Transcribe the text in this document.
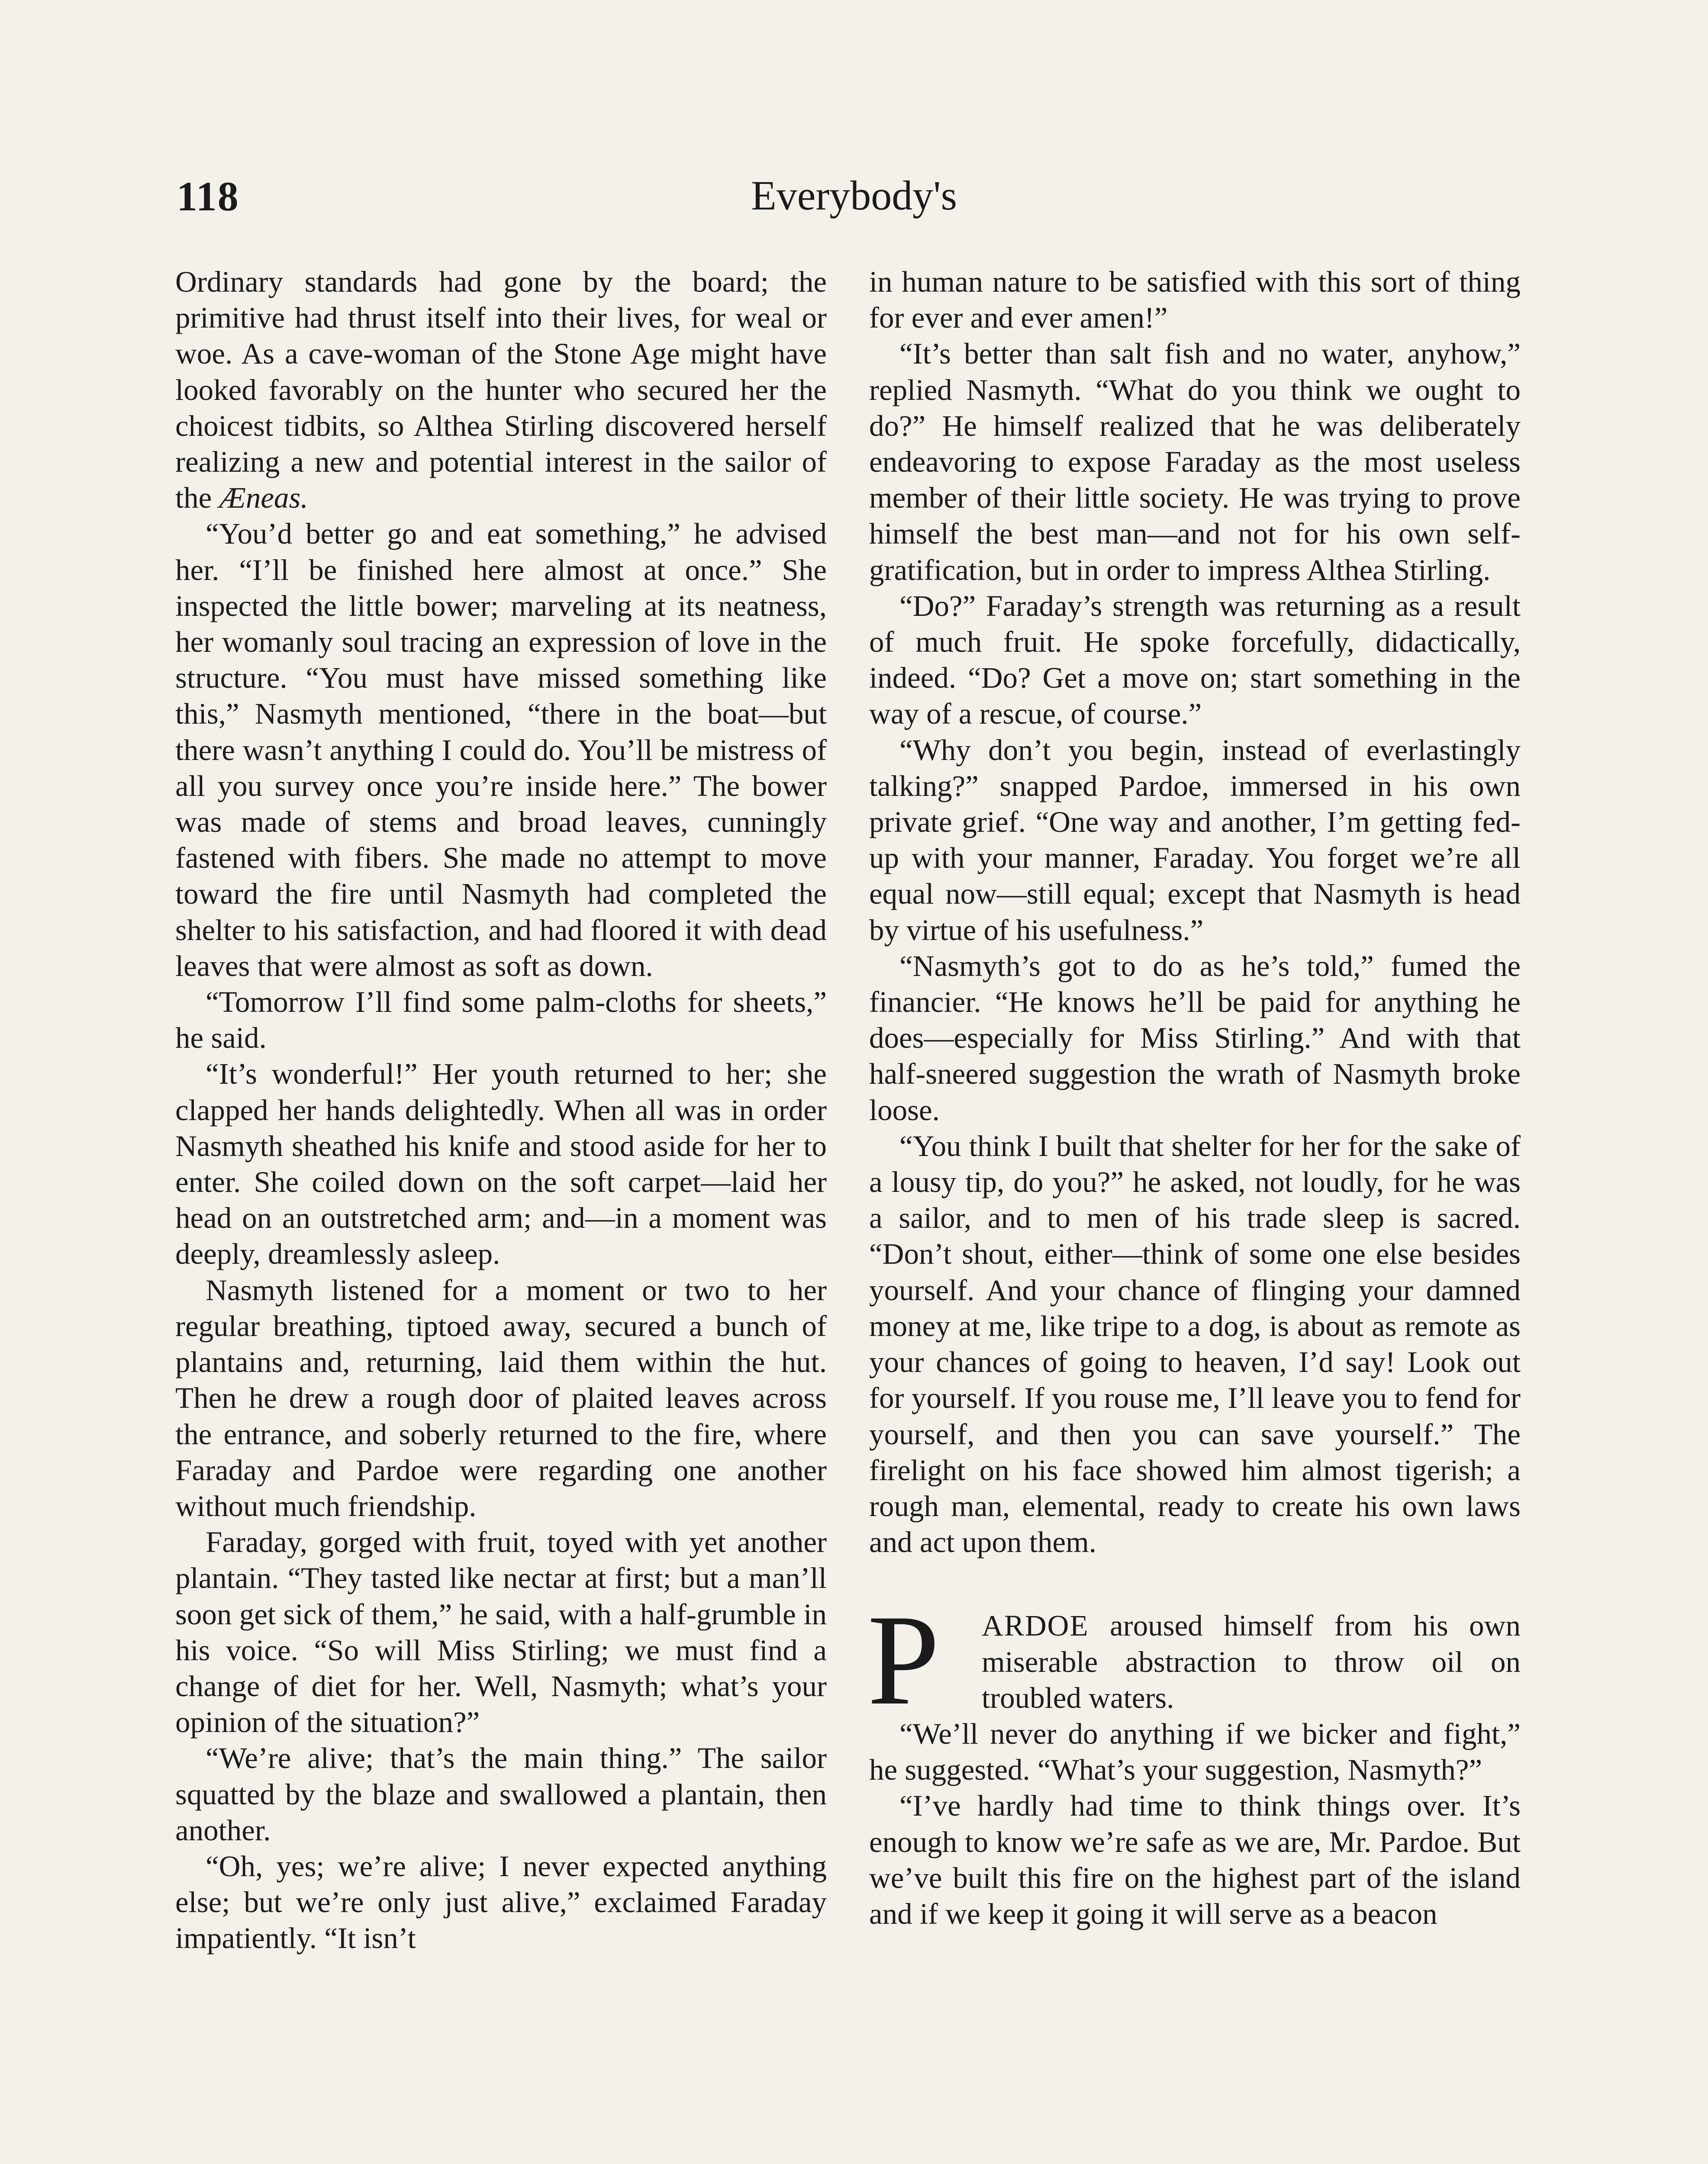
118	Everybody's

Ordinary standards had gone by the board; the primitive had thrust itself into their lives, for weal or woe. As a cave-woman of the Stone Age might have looked favorably on the hunter who secured her the choicest tidbits, so Althea Stirling discovered herself realizing a new and potential interest in the sailor of the Æneas.

“You’d better go and eat something,” he advised her. “I’ll be finished here almost at once.” She inspected the little bower; marveling at its neatness, her womanly soul tracing an expression of love in the structure. “You must have missed something like this,” Nasmyth mentioned, “there in the boat—but there wasn’t anything I could do. You’ll be mistress of all you survey once you’re inside here.” The bower was made of stems and broad leaves, cunningly fastened with fibers. She made no attempt to move toward the fire until Nasmyth had completed the shelter to his satisfaction, and had floored it with dead leaves that were almost as soft as down.

“Tomorrow I’ll find some palm-cloths for sheets,” he said.

“It’s wonderful!” Her youth returned to her; she clapped her hands delightedly. When all was in order Nasmyth sheathed his knife and stood aside for her to enter. She coiled down on the soft carpet—laid her head on an outstretched arm; and—in a moment was deeply, dreamlessly asleep.

Nasmyth listened for a moment or two to her regular breathing, tiptoed away, secured a bunch of plantains and, returning, laid them within the hut. Then he drew a rough door of plaited leaves across the entrance, and soberly returned to the fire, where Faraday and Pardoe were regarding one another without much friendship.

Faraday, gorged with fruit, toyed with yet another plantain. “They tasted like nectar at first; but a man’ll soon get sick of them,” he said, with a half-grumble in his voice. “So will Miss Stirling; we must find a change of diet for her. Well, Nasmyth; what’s your opinion of the situation?”

“We’re alive; that’s the main thing.” The sailor squatted by the blaze and swallowed a plantain, then another.

“Oh, yes; we’re alive; I never expected anything else; but we’re only just alive,” exclaimed Faraday impatiently. “It isn’t

in human nature to be satisfied with this sort of thing for ever and ever amen!”

“It’s better than salt fish and no water, anyhow,” replied Nasmyth. “What do you think we ought to do?” He himself realized that he was deliberately endeavoring to expose Faraday as the most useless member of their little society. He was trying to prove himself the best man—and not for his own self-gratification, but in order to impress Althea Stirling.

“Do?” Faraday’s strength was returning as a result of much fruit. He spoke forcefully, didactically, indeed. “Do? Get a move on; start something in the way of a rescue, of course.”

“Why don’t you begin, instead of everlastingly talking?” snapped Pardoe, immersed in his own private grief. “One way and another, I’m getting fed-up with your manner, Faraday. You forget we’re all equal now—still equal; except that Nasmyth is head by virtue of his usefulness.”

“Nasmyth’s got to do as he’s told,” fumed the financier. “He knows he’ll be paid for anything he does—especially for Miss Stirling.” And with that half-sneered suggestion the wrath of Nasmyth broke loose.

“You think I built that shelter for her for the sake of a lousy tip, do you?” he asked, not loudly, for he was a sailor, and to men of his trade sleep is sacred. “Don’t shout, either—think of some one else besides yourself. And your chance of flinging your damned money at me, like tripe to a dog, is about as remote as your chances of going to heaven, I’d say! Look out for yourself. If you rouse me, I’ll leave you to fend for yourself, and then you can save yourself.” The firelight on his face showed him almost tigerish; a rough man, elemental, ready to create his own laws and act upon them.

P	ARDOE aroused himself from his own miserable abstraction to throw oil on troubled waters.

“We’ll never do anything if we bicker and fight,” he suggested. “What’s your suggestion, Nasmyth?”

“I’ve hardly had time to think things over. It’s enough to know we’re safe as we are, Mr. Pardoe. But we’ve built this fire on the highest part of the island and if we keep it going it will serve as a beacon
